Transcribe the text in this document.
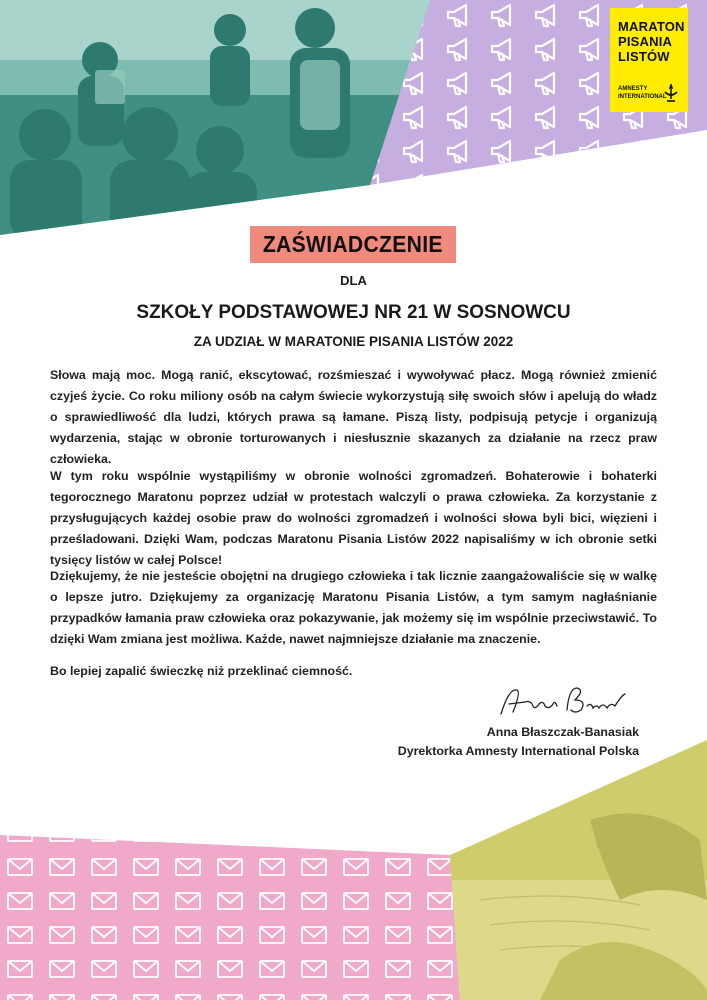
MARATON
PISANIA
LISTÓW
AMNESTY
INTERNATIONAL
ZAŚWIADCZENIE
DLA
SZKOŁY PODSTAWOWEJ NR 21 W SOSNOWCU
ZA UDZIAŁ W MARATONIE PISANIA LISTÓW 2022
Słowa mają moc. Mogą ranić, ekscytować, rozśmieszać i wywoływać płacz. Mogą również zmienić czyjeś życie. Co roku miliony osób na całym świecie wykorzystują siłę swoich słów i apelują do władz o sprawiedliwość dla ludzi, których prawa są łamane. Piszą listy, podpisują petycje i organizują wydarzenia, stając w obronie torturowanych i niesłusznie skazanych za działanie na rzecz praw człowieka.
W tym roku wspólnie wystąpiliśmy w obronie wolności zgromadzeń. Bohaterowie i bohaterki tegorocznego Maratonu poprzez udział w protestach walczyli o prawa człowieka. Za korzystanie z przysługujących każdej osobie praw do wolności zgromadzeń i wolności słowa byli bici, więzieni i prześladowani. Dzięki Wam, podczas Maratonu Pisania Listów 2022 napisaliśmy w ich obronie setki tysięcy listów w całej Polsce!
Dziękujemy, że nie jesteście obojętni na drugiego człowieka i tak licznie zaangażowaliście się w walkę o lepsze jutro. Dziękujemy za organizację Maratonu Pisania Listów, a tym samym nagłaśnianie przypadków łamania praw człowieka oraz pokazywanie, jak możemy się im wspólnie przeciwstawić. To dzięki Wam zmiana jest możliwa. Każde, nawet najmniejsze działanie ma znaczenie.
Bo lepiej zapalić świeczkę niż przeklinać ciemność.
Anna Błaszczak-Banasiak
Dyrektorka Amnesty International Polska
